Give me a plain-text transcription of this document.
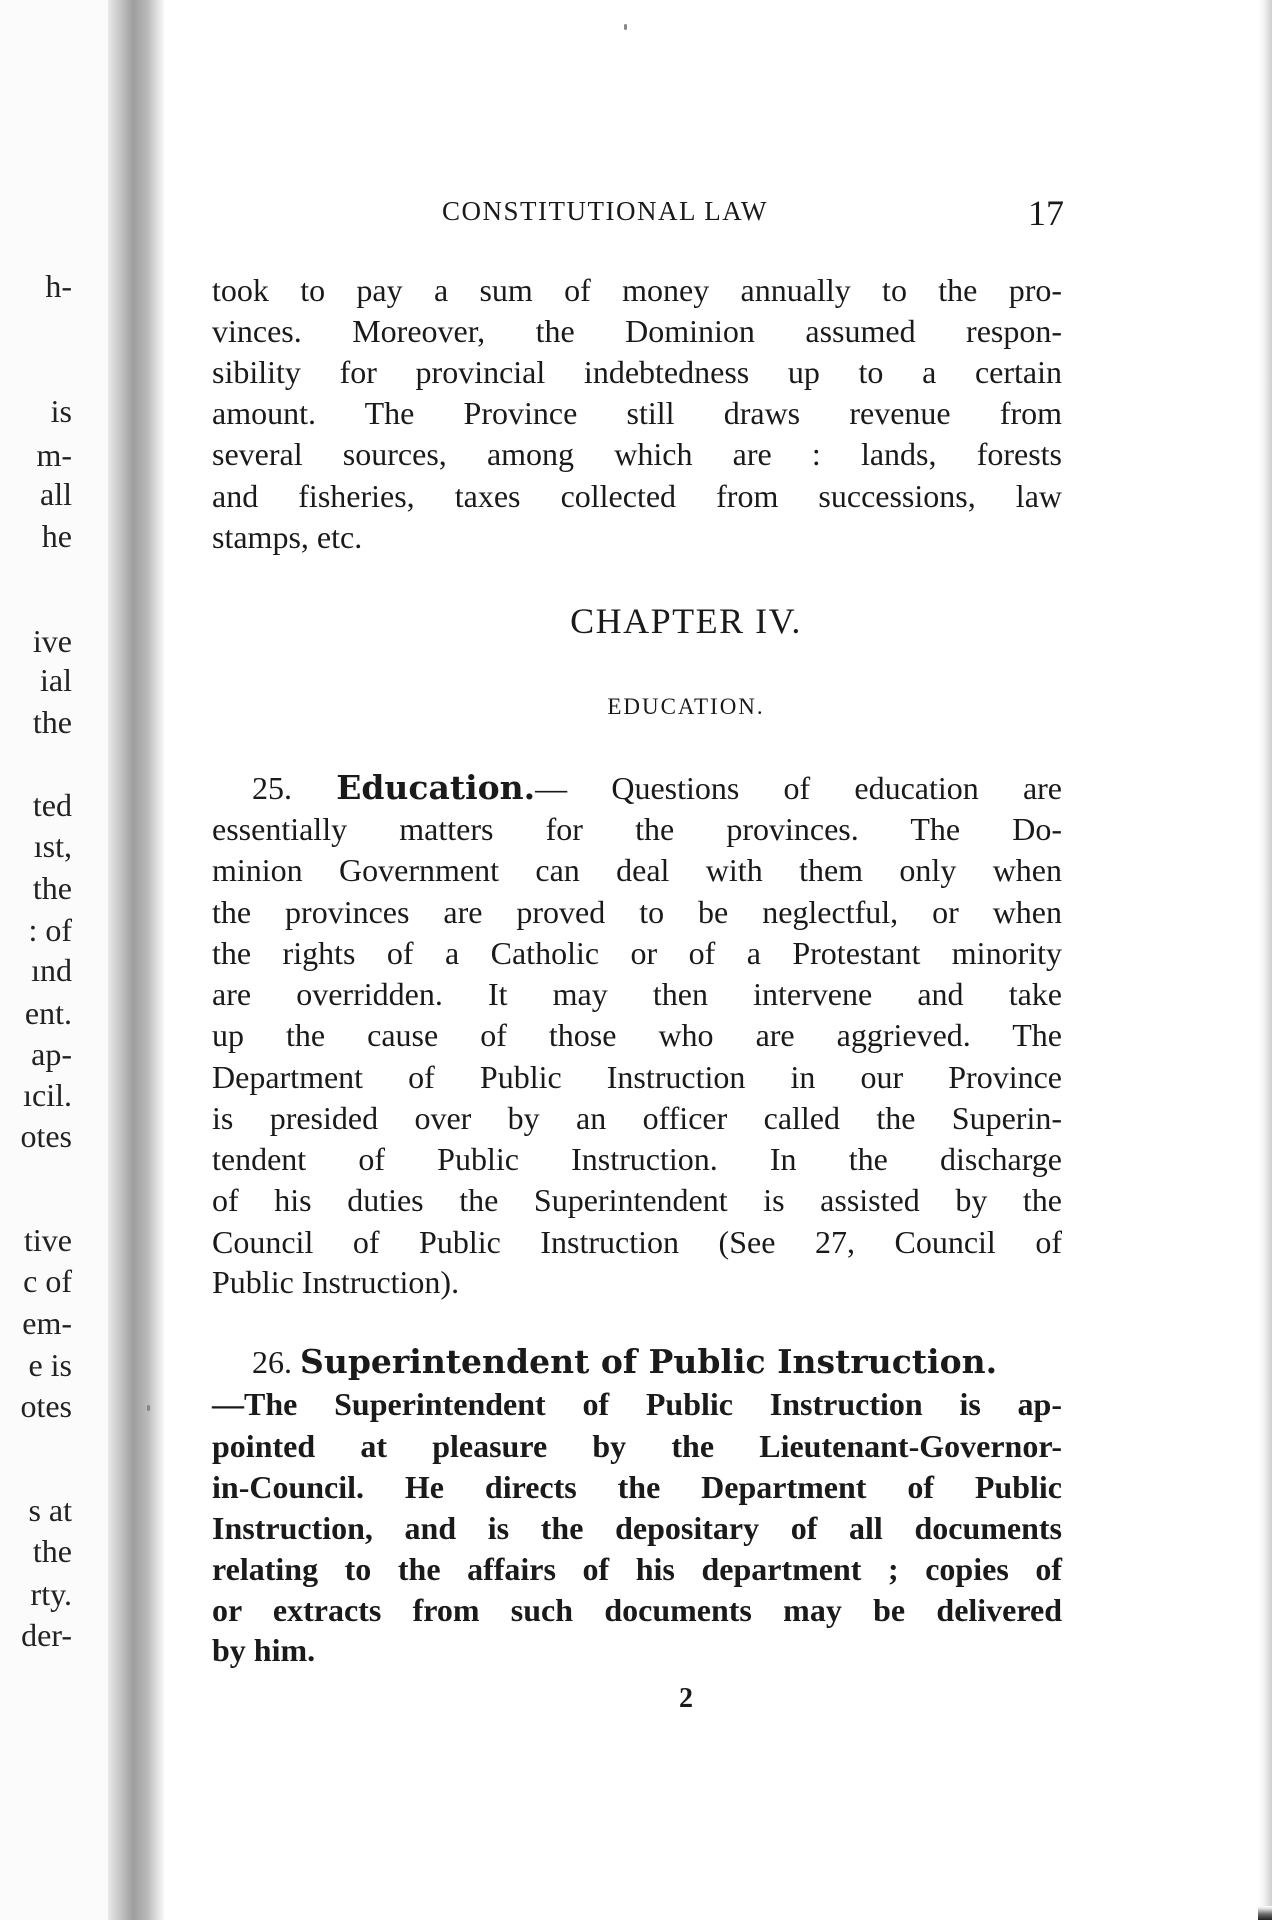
h-
is
m-
all
he
ive
ial
the
ted
ıst,
the
: of
ınd
ent.
ap-
ıcil.
otes
tive
c of
em-
e is
otes
s at
the
rty.
der-
CONSTITUTIONAL LAW	17
took to pay a sum of money annually to the pro-
vinces. Moreover, the Dominion assumed respon-
sibility for provincial indebtedness up to a certain
amount. The Province still draws revenue from
several sources, among which are : lands, forests
and fisheries, taxes collected from successions, law
stamps, etc.
CHAPTER IV.
EDUCATION.
25. Education.— Questions of education are
essentially matters for the provinces. The Do-
minion Government can deal with them only when
the provinces are proved to be neglectful, or when
the rights of a Catholic or of a Protestant minority
are overridden. It may then intervene and take
up the cause of those who are aggrieved. The
Department of Public Instruction in our Province
is presided over by an officer called the Superin-
tendent of Public Instruction. In the discharge
of his duties the Superintendent is assisted by the
Council of Public Instruction (See 27, Council of
Public Instruction).
26. Superintendent of Public Instruction.
—The Superintendent of Public Instruction is ap-
pointed at pleasure by the Lieutenant-Governor-
in-Council. He directs the Department of Public
Instruction, and is the depositary of all documents
relating to the affairs of his department ; copies of
or extracts from such documents may be delivered
by him.
2
